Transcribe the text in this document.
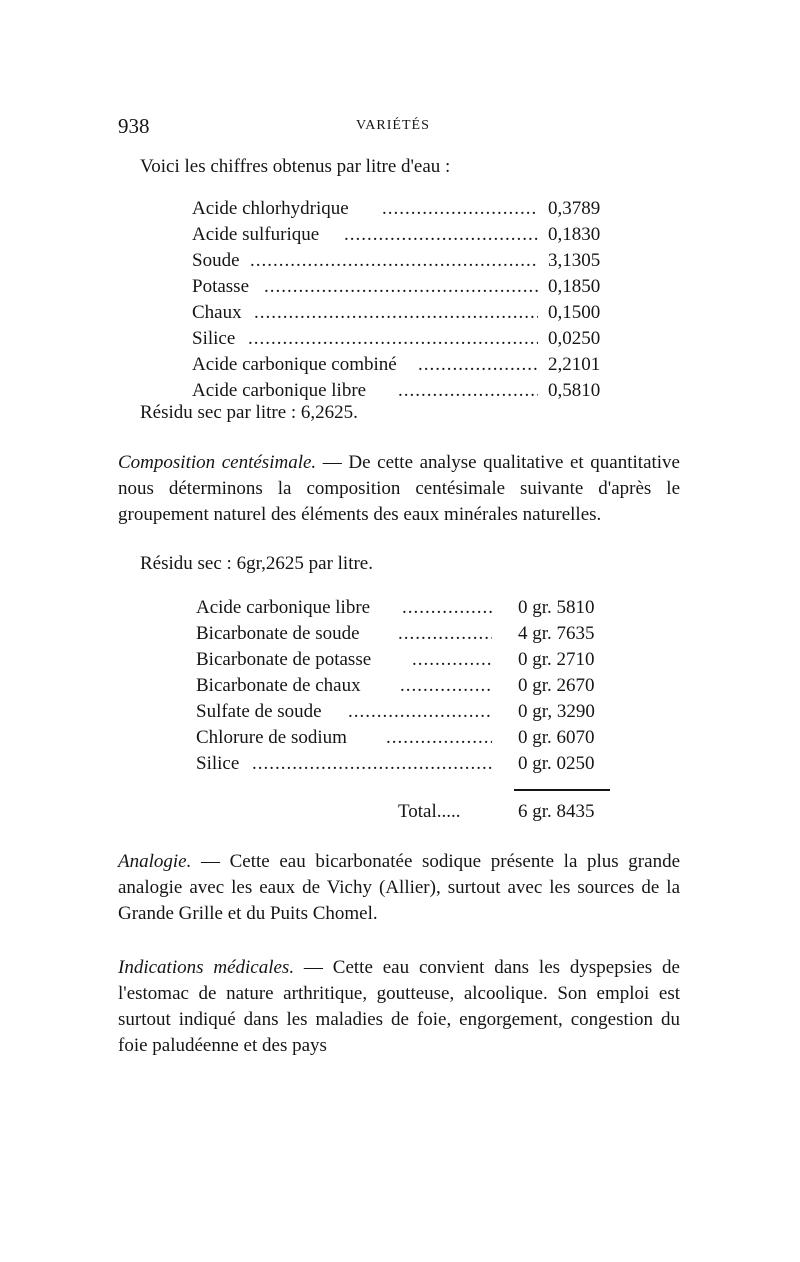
938	VARIÉTÉS
Voici les chiffres obtenus par litre d'eau :
Acide chlorhydrique .....	0,3789
Acide sulfurique .....	0,1830
Soude .....	3,1305
Potasse .....	0,1850
Chaux .....	0,1500
Silice .....	0,0250
Acide carbonique combiné .....	2,2101
Acide carbonique libre .....	0,5810
Résidu sec par litre : 6,2625.

Composition centésimale. — De cette analyse qualitative et quantitative nous déterminons la composition centésimale suivante d'après le groupement naturel des éléments des eaux minérales naturelles.

Résidu sec : 6gr,2625 par litre.
Acide carbonique libre .....	0 gr. 5810
Bicarbonate de soude .....	4 gr. 7635
Bicarbonate de potasse .....	0 gr. 2710
Bicarbonate de chaux .....	0 gr. 2670
Sulfate de soude .....	0 gr, 3290
Chlorure de sodium .....	0 gr. 6070
Silice .....	0 gr. 0250
Total.....	6 gr. 8435

Analogie. — Cette eau bicarbonatée sodique présente la plus grande analogie avec les eaux de Vichy (Allier), surtout avec les sources de la Grande Grille et du Puits Chomel.

Indications médicales. — Cette eau convient dans les dyspepsies de l'estomac de nature arthritique, goutteuse, alcoolique. Son emploi est surtout indiqué dans les maladies de foie, engorgement, congestion du foie paludéenne et des pays
